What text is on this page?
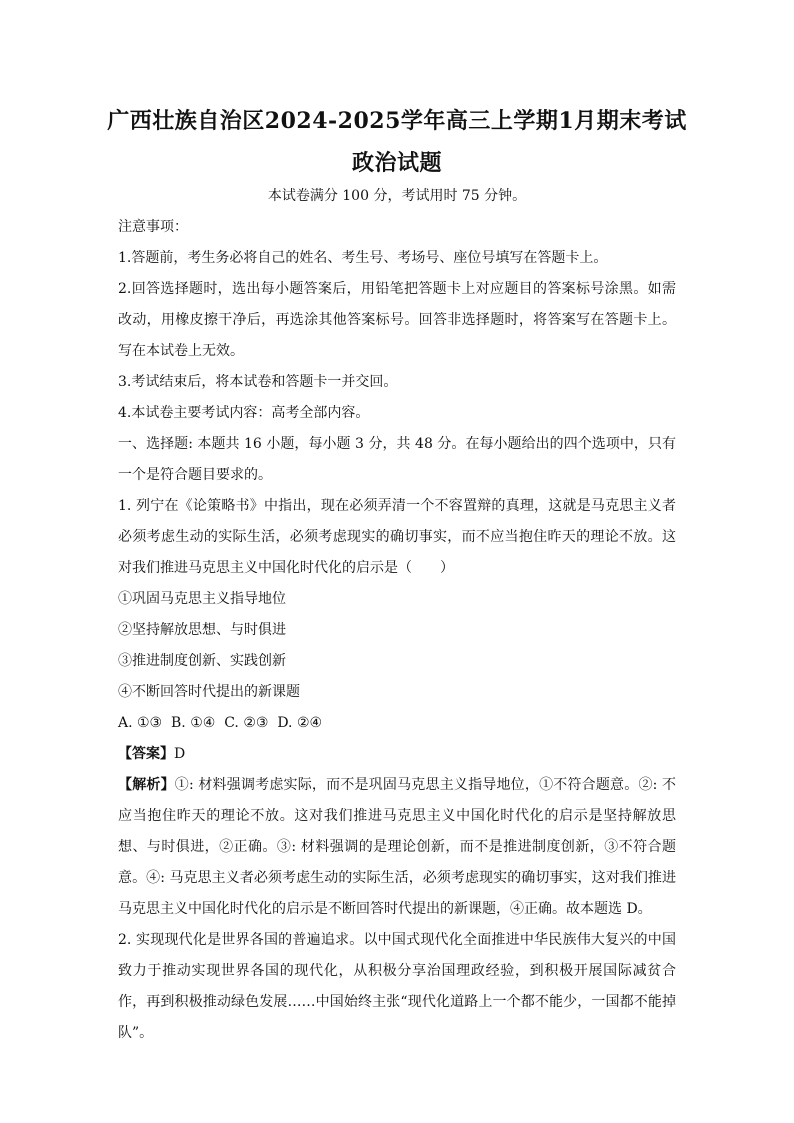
广西壮族自治区2024-2025学年高三上学期1月期末考试
政治试题
本试卷满分 100 分，考试用时 75 分钟。

注意事项：

1.答题前，考生务必将自己的姓名、考生号、考场号、座位号填写在答题卡上。

2.回答选择题时，选出每小题答案后，用铅笔把答题卡上对应题目的答案标号涂黑。如需改动，用橡皮擦干净后，再选涂其他答案标号。回答非选择题时，将答案写在答题卡上。写在本试卷上无效。

3.考试结束后，将本试卷和答题卡一并交回。

4.本试卷主要考试内容：高考全部内容。

一、选择题: 本题共 16 小题，每小题 3 分，共 48 分。在每小题给出的四个选项中，只有一个是符合题目要求的。

1. 列宁在《论策略书》中指出，现在必须弄清一个不容置辩的真理，这就是马克思主义者必须考虑生动的实际生活，必须考虑现实的确切事实，而不应当抱住昨天的理论不放。这对我们推进马克思主义中国化时代化的启示是（　　）

①巩固马克思主义指导地位

②坚持解放思想、与时俱进

③推进制度创新、实践创新

④不断回答时代提出的新课题

A. ①③  B. ①④  C. ②③  D. ②④

【答案】D

【解析】①: 材料强调考虑实际，而不是巩固马克思主义指导地位，①不符合题意。②: 不应当抱住昨天的理论不放。这对我们推进马克思主义中国化时代化的启示是坚持解放思想、与时俱进，②正确。③: 材料强调的是理论创新，而不是推进制度创新，③不符合题意。④: 马克思主义者必须考虑生动的实际生活，必须考虑现实的确切事实，这对我们推进马克思主义中国化时代化的启示是不断回答时代提出的新课题，④正确。故本题选 D。

2. 实现现代化是世界各国的普遍追求。以中国式现代化全面推进中华民族伟大复兴的中国致力于推动实现世界各国的现代化，从积极分享治国理政经验，到积极开展国际减贫合作，再到积极推动绿色发展……中国始终主张“现代化道路上一个都不能少，一国都不能掉队”。
